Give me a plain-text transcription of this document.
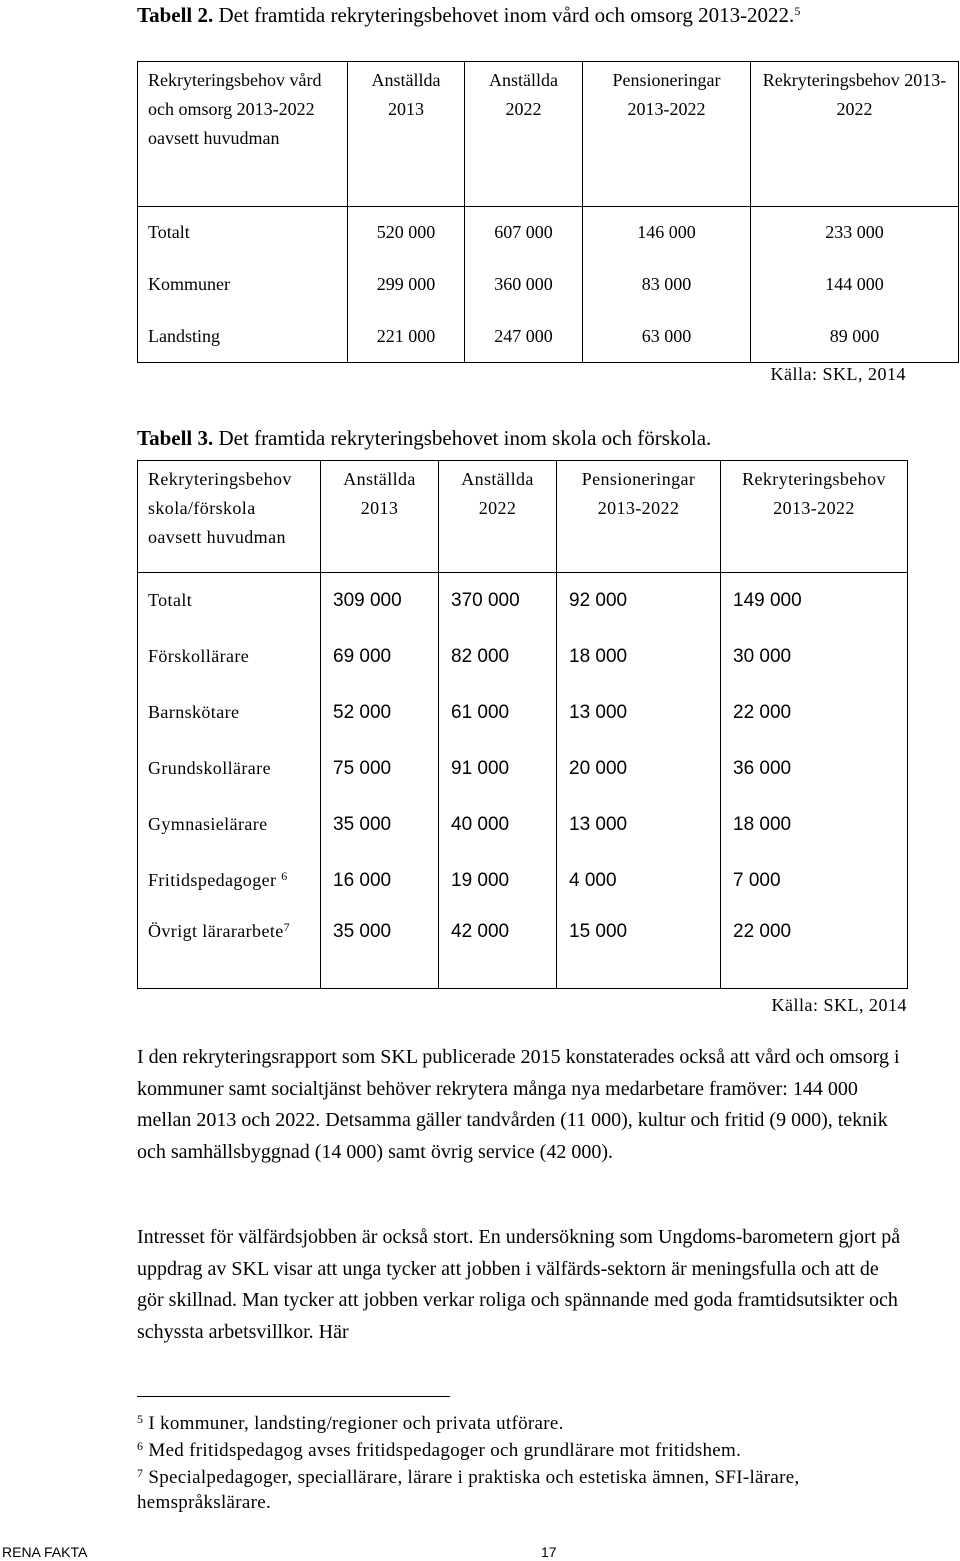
Tabell 2. Det framtida rekryteringsbehovet inom vård och omsorg 2013-2022.$^5$
Rekryteringsbehov vård och omsorg 2013-2022 oavsett huvudman	Anställda 2013	Anställda 2022	Pensioneringar 2013-2022	Rekryteringsbehov 2013-2022
Totalt	520 000	607 000	146 000	233 000
Kommuner	299 000	360 000	83 000	144 000
Landsting	221 000	247 000	63 000	89 000
Källa: SKL, 2014
Tabell 3. Det framtida rekryteringsbehovet inom skola och förskola.
Rekryteringsbehov skola/förskola oavsett huvudman	Anställda 2013	Anställda 2022	Pensioneringar 2013-2022	Rekryteringsbehov 2013-2022
Totalt	309 000	370 000	92 000	149 000
Förskollärare	69 000	82 000	18 000	30 000
Barnskötare	52 000	61 000	13 000	22 000
Grundskollärare	75 000	91 000	20 000	36 000
Gymnasielärare	35 000	40 000	13 000	18 000
Fritidspedagoger $^6$	16 000	19 000	4 000	7 000
Övrigt lärararbete$^7$	35 000	42 000	15 000	22 000
Källa: SKL, 2014
I den rekryteringsrapport som SKL publicerade 2015 konstaterades också att vård och omsorg i kommuner samt socialtjänst behöver rekrytera många nya medarbetare framöver: 144 000 mellan 2013 och 2022. Detsamma gäller tandvården (11 000), kultur och fritid (9 000), teknik och samhällsbyggnad (14 000) samt övrig service (42 000).
Intresset för välfärdsjobben är också stort. En undersökning som Ungdoms-barometern gjort på uppdrag av SKL visar att unga tycker att jobben i välfärds-sektorn är meningsfulla och att de gör skillnad. Man tycker att jobben verkar roliga och spännande med goda framtidsutsikter och schyssta arbetsvillkor. Här
$^5$ I kommuner, landsting/regioner och privata utförare.
$^6$ Med fritidspedagog avses fritidspedagoger och grundlärare mot fritidshem.
$^7$ Specialpedagoger, speciallärare, lärare i praktiska och estetiska ämnen, SFI-lärare, hemspråkslärare.
RENA FAKTA	17
